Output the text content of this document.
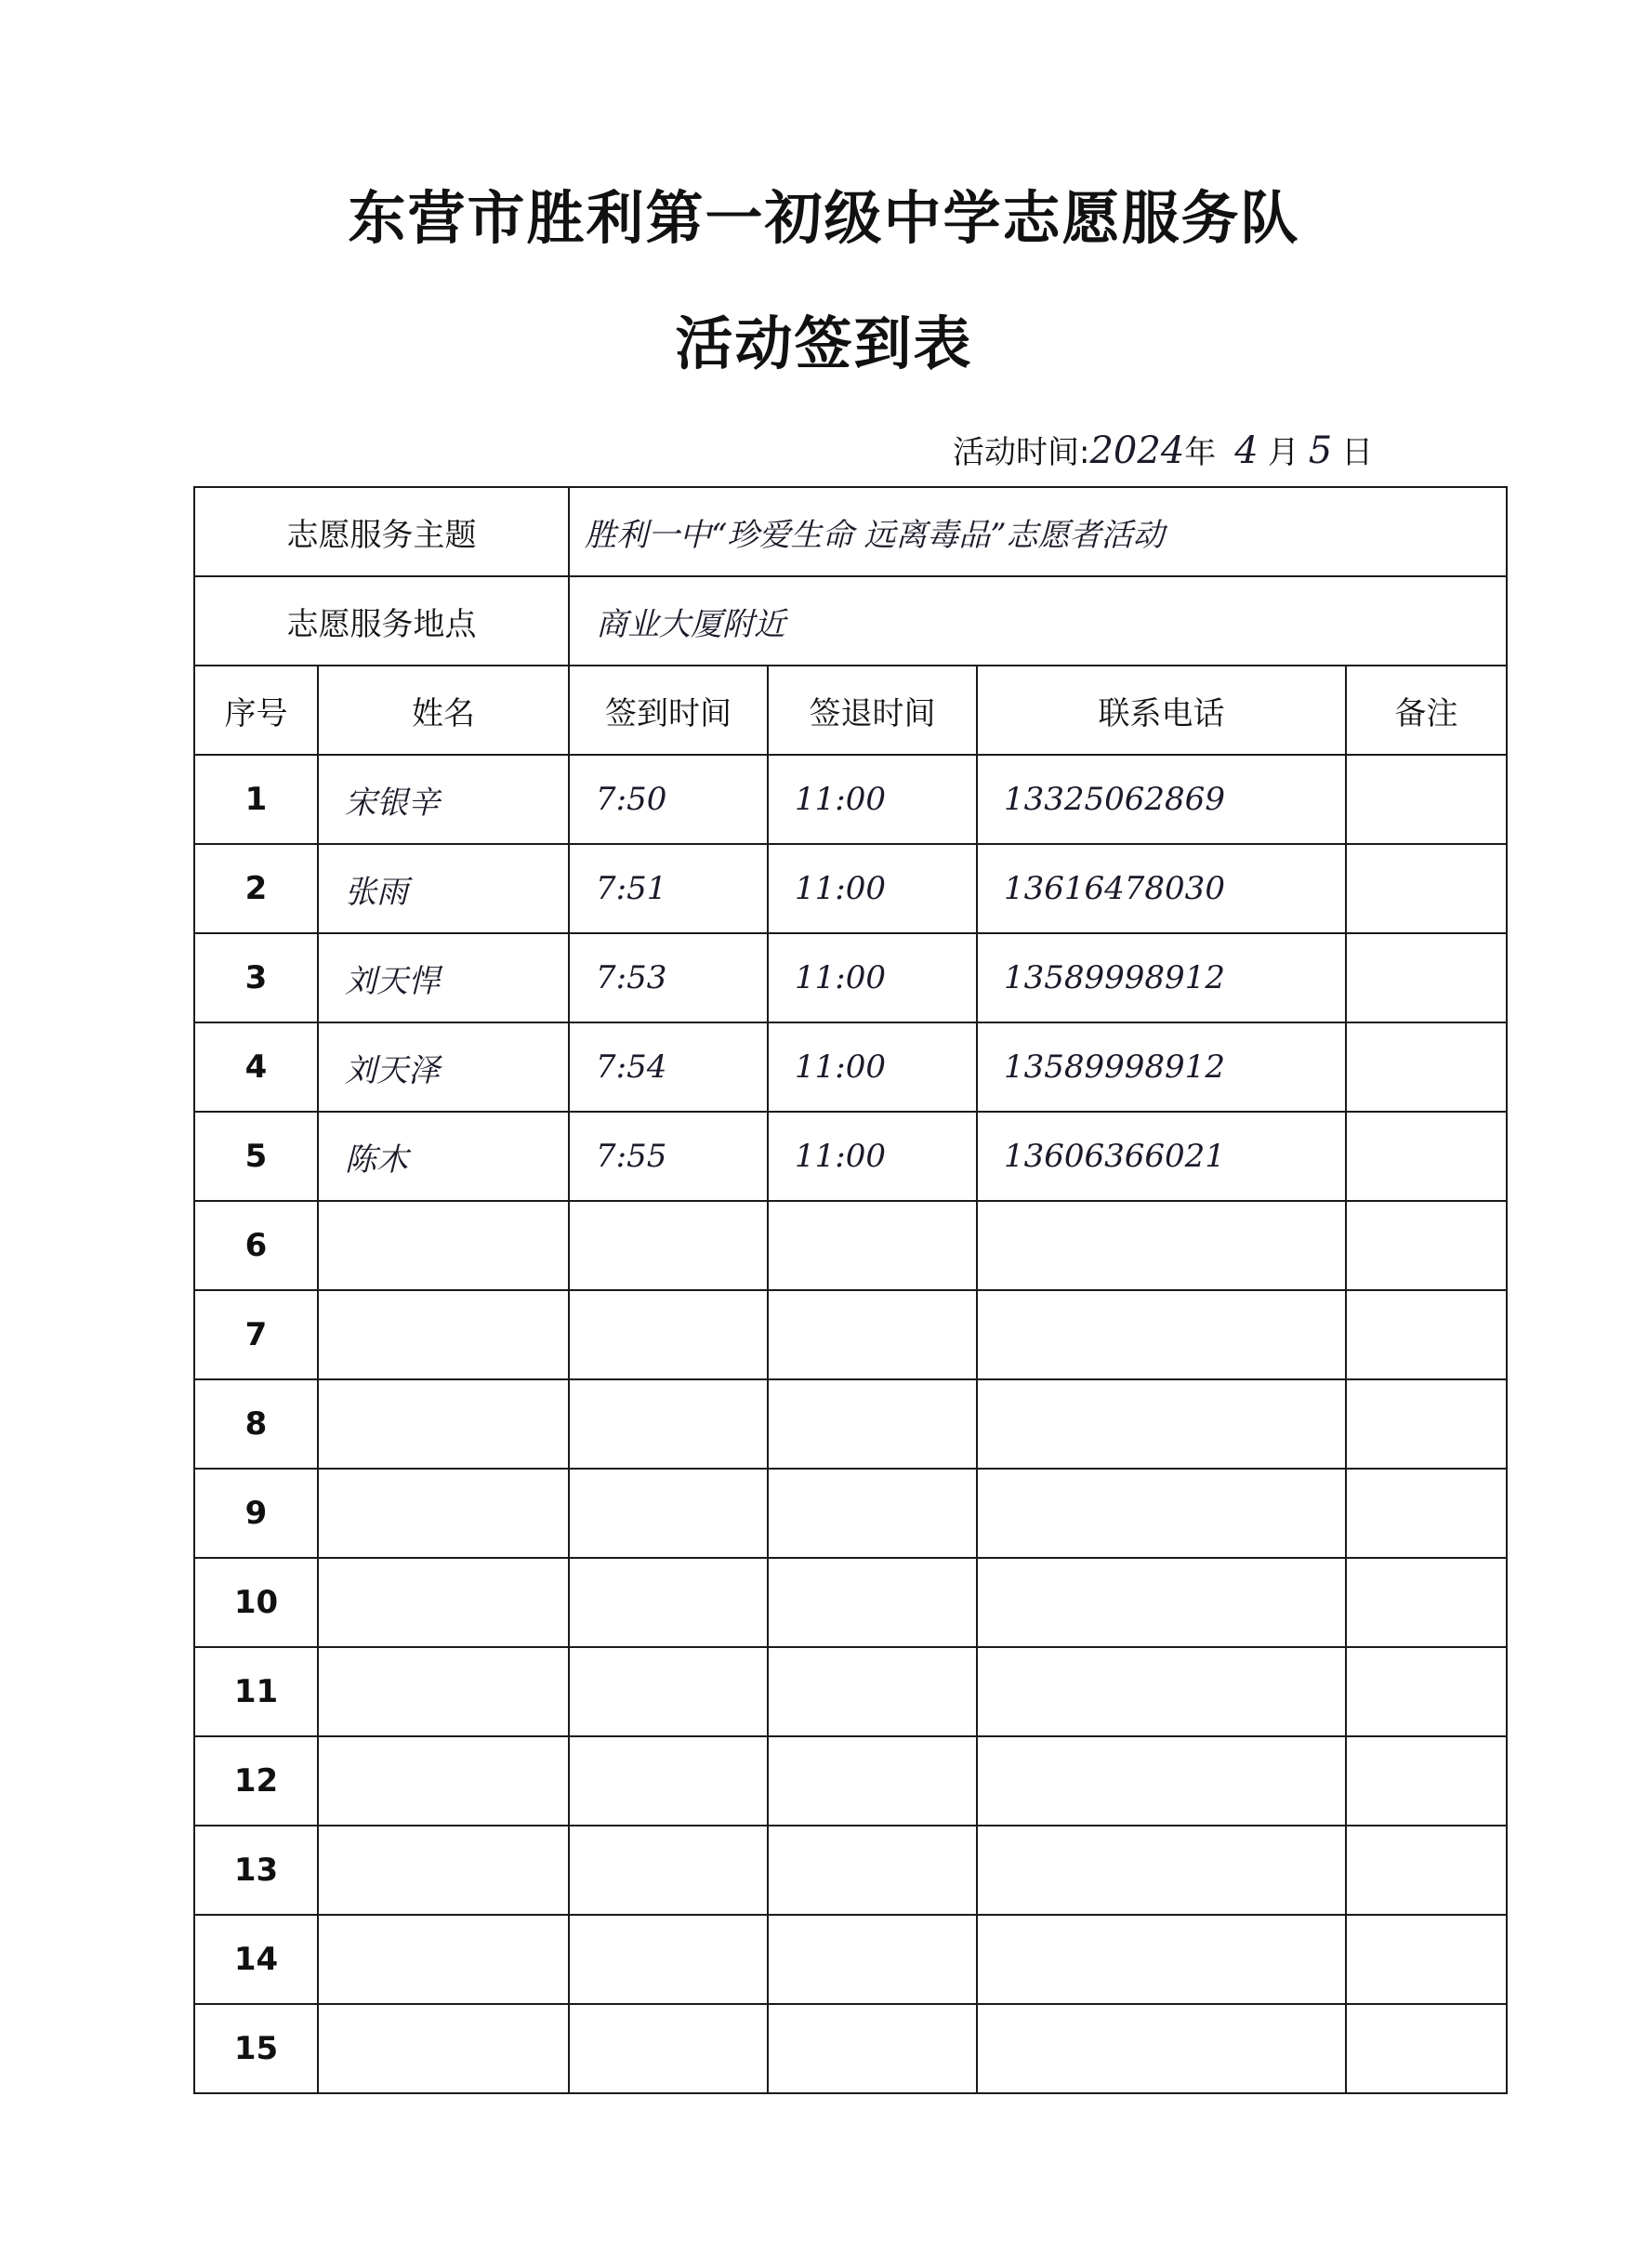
东营市胜利第一初级中学志愿服务队
活动签到表
活动时间: 2024 年 4 月 5 日
志愿服务主题		胜利一中“珍爱生命 远离毒品”志愿者活动			
志愿服务地点		商业大厦附近			
序号	姓名	签到时间	签退时间	联系电话	备注
1	宋银辛	7:50	11:00	13325062869	
2	张雨	7:51	11:00	13616478030	
3	刘天悍	7:53	11:00	13589998912	
4	刘天泽	7:54	11:00	13589998912	
5	陈木	7:55	11:00	13606366021	
6					
7					
8					
9					
10					
11					
12					
13					
14					
15					
